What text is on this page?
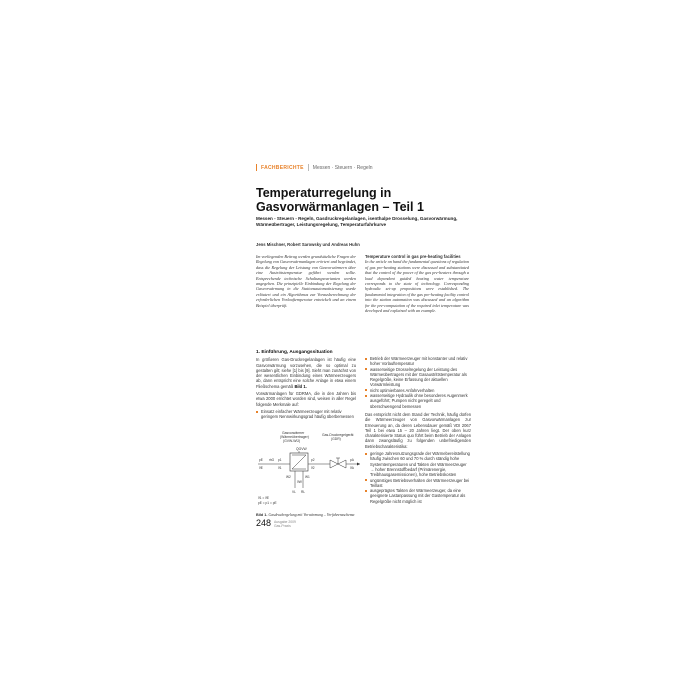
FACHBERICHTE Messen · Steuern · Regeln
Temperaturregelung in Gasvorwärmanlagen – Teil 1
Messen - Steuern - Regeln, Gasdruckregelanlagen, isenthalpe Drosselung, Gasvorwärmung, Wärmeübertrager, Leistungsregelung, Temperaturfahrkurve
Jens Mischner, Robert Sarowsky und Andreas Huhn
Im vorliegenden Beitrag werden grundsätzliche Fragen der Regelung von Gasvorwärmanlagen erörtert und begründet, dass die Regelung der Leistung von Gasvorwärmern über eine Austrittstemperatur geführt werden sollte. Entsprechende technische Schaltungsvarianten werden angegeben. Die prinzipielle Einbindung der Regelung der Gasvorwärmung in die Stationsautomatisierung wurde erläutert und ein Algorithmus zur Vorausberechnung der erforderlichen Vorlauftemperatur entwickelt und an einem Beispiel überprüft.
Temperature control in gas pre-heating facilities
In the article on hand the fundamental questions of regulation of gas pre-heating stations were discussed and substantiated that the control of the power of the gas pre-heaters through a load dependent guided heating water temperature corresponds to the state of technology. Corresponding hydraulic set-up propositions were established. The fundamental integration of the gas pre-heating facility control into the station automation was discussed and an algorithm for the pre-computation of the required inlet temperature was developed and explained with an example.
1. Einführung, Ausgangssituation

In größeren Gas-Druckregelanlagen ist häufig eine Gasvorwärmung vorzusehen, die so optimal zu gestalten gilt; siehe [1] bis [9]. Sieht man zunächst von der wesentlichen Einbindung eines Wärmeerzeugers ab, dann entspricht eine solche Anlage in etwa einem Fließschema gemäß Bild 1.

Vorwärmanlagen für GDRMA, die in den Jahren bis etwa 2000 errichtet worden sind, weisen in aller Regel folgende Merkmale auf:

Einsatz einfacher Wärmeerzeuger mit relativ geringem Nennwirkungsgrad häufig überbemessen
Gasvorwärmer
(Wärmeübertrager)
(GVW-WÜ)
Gas-Druckregelgerät
(GDR)
Q̇GVW
pE
ϑE
p1
ϑ1
ṁG	p2
ϑ2
pA
ϑA
W2	W1
ϑW
VL RL
ϑ1 = ϑE
pE = p1 = pE
Bild 1. Gasdruckregelung mit Vorwärmung – Verfahrensschema
248 Ausgabe 2009
Gas-Praxis
Betrieb der Wärmeerzeuger mit konstanter und relativ hoher Vorlauftemperatur
wasserseitige Drosselregelung der Leistung des Wärmeübertragers mit der Gasaustrittstemperatur als Regelgröße, keine Erfassung der aktuellen Vorwärmleistung
nicht optimierbares Anfahrverhalten
wasserseitige Hydraulik ohne besonderes Augenmerk ausgeführt; Pumpen nicht geregelt und überschwengend bemessen

Das entspricht nicht dem Stand der Technik, häufig dürfen die Wärmeerzeuger von Gasvorwärmanlagen zur Erneuerung an, da deren Lebensdauer gemäß VDI 2067 Teil 1 bei etwa 15 – 20 Jahren liegt. Der oben kurz charakterisierte Status quo führt beim Betrieb der Anlagen dann zwangsläufig zu folgenden unbefriedigenden Betriebscharakteristika:

geringe Jahresnutzungsgrade der Wärmebereitstellung häufig zwischen 60 und 70 % durch ständig hohe Systemtemperaturen und Takten der Wärmeerzeuger → hoher Brennstoffbedarf (Primärenergie, Treibhausgasemissionen), hohe Betriebskosten
ungünstiges Betriebsverhalten der Wärmeerzeuger bei Teillast
ausgeprägtes Takten der Wärmeerzeuger, da eine geeignete Lastanpassung mit der Gastemperatur als Regelgröße nicht möglich ist
